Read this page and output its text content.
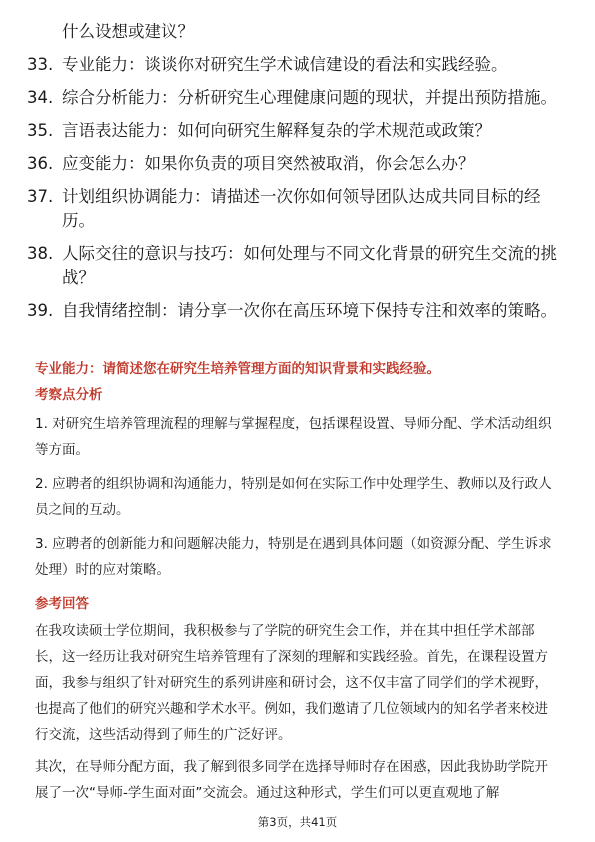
什么设想或建议？
33. 专业能力：谈谈你对研究生学术诚信建设的看法和实践经验。
34. 综合分析能力：分析研究生心理健康问题的现状，并提出预防措施。
35. 言语表达能力：如何向研究生解释复杂的学术规范或政策？
36. 应变能力：如果你负责的项目突然被取消，你会怎么办？
37. 计划组织协调能力：请描述一次你如何领导团队达成共同目标的经历。
38. 人际交往的意识与技巧：如何处理与不同文化背景的研究生交流的挑战？
39. 自我情绪控制：请分享一次你在高压环境下保持专注和效率的策略。
专业能力：请简述您在研究生培养管理方面的知识背景和实践经验。
考察点分析

1. 对研究生培养管理流程的理解与掌握程度，包括课程设置、导师分配、学术活动组织等方面。

2. 应聘者的组织协调和沟通能力，特别是如何在实际工作中处理学生、教师以及行政人员之间的互动。

3. 应聘者的创新能力和问题解决能力，特别是在遇到具体问题（如资源分配、学生诉求处理）时的应对策略。

参考回答

在我攻读硕士学位期间，我积极参与了学院的研究生会工作，并在其中担任学术部部长，这一经历让我对研究生培养管理有了深刻的理解和实践经验。首先，在课程设置方面，我参与组织了针对研究生的系列讲座和研讨会，这不仅丰富了同学们的学术视野，也提高了他们的研究兴趣和学术水平。例如，我们邀请了几位领域内的知名学者来校进行交流，这些活动得到了师生的广泛好评。

其次，在导师分配方面，我了解到很多同学在选择导师时存在困惑，因此我协助学院开展了一次“导师-学生面对面”交流会。通过这种形式，学生们可以更直观地了解

第3页，共41页
